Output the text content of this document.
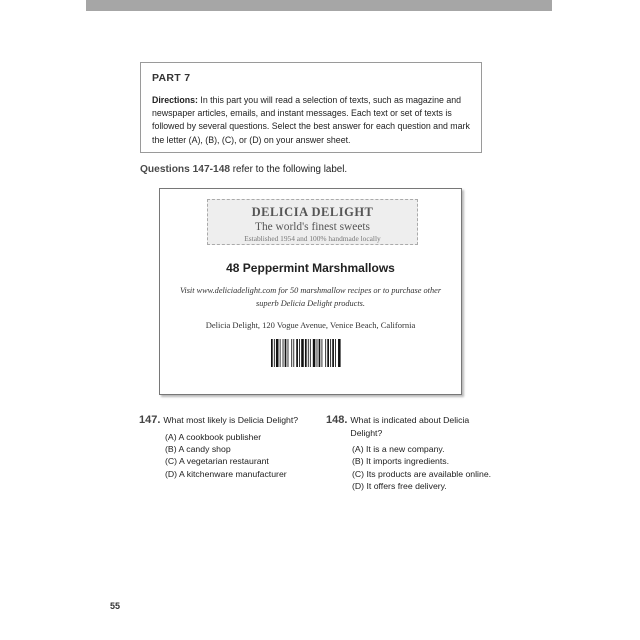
PART 7
Directions: In this part you will read a selection of texts, such as magazine and newspaper articles, emails, and instant messages. Each text or set of texts is followed by several questions. Select the best answer for each question and mark the letter (A), (B), (C), or (D) on your answer sheet.
Questions 147-148 refer to the following label.
DELICIA DELIGHT
The world's finest sweets
Established 1954 and 100% handmade locally
48 Peppermint Marshmallows
Visit www.deliciadelight.com for 50 marshmallow recipes or to purchase other superb Delicia Delight products.
Delicia Delight, 120 Vogue Avenue, Venice Beach, California
147. What most likely is Delicia Delight?
(A) A cookbook publisher
(B) A candy shop
(C) A vegetarian restaurant
(D) A kitchenware manufacturer
148. What is indicated about Delicia Delight?
(A) It is a new company.
(B) It imports ingredients.
(C) Its products are available online.
(D) It offers free delivery.
55
